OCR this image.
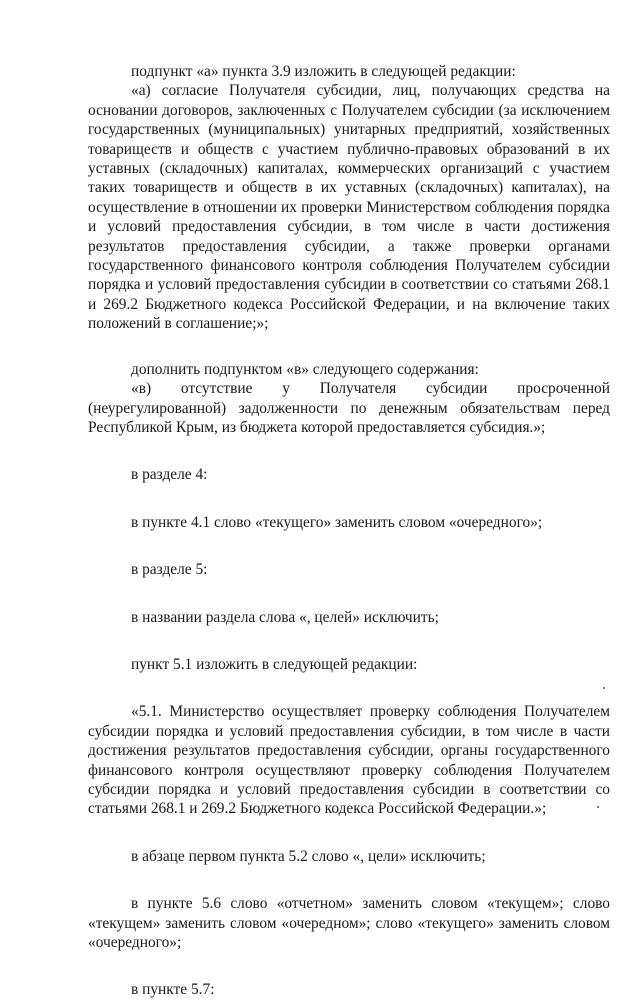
подпункт «а» пункта 3.9 изложить в следующей редакции:

«а) согласие Получателя субсидии, лиц, получающих средства на основании договоров, заключенных с Получателем субсидии (за исключением государственных (муниципальных) унитарных предприятий, хозяйственных товариществ и обществ с участием публично-правовых образований в их уставных (складочных) капиталах, коммерческих организаций с участием таких товариществ и обществ в их уставных (складочных) капиталах), на осуществление в отношении их проверки Министерством соблюдения порядка и условий предоставления субсидии, в том числе в части достижения результатов предоставления субсидии, а также проверки органами государственного финансового контроля соблюдения Получателем субсидии порядка и условий предоставления субсидии в соответствии со статьями 268.1 и 269.2 Бюджетного кодекса Российской Федерации, и на включение таких положений в соглашение;»;

дополнить подпунктом «в» следующего содержания:

«в) отсутствие у Получателя субсидии просроченной (неурегулированной) задолженности по денежным обязательствам перед Республикой Крым, из бюджета которой предоставляется субсидия.»;

в разделе 4:

в пункте 4.1 слово «текущего» заменить словом «очередного»;

в разделе 5:

в названии раздела слова «, целей» исключить;

пункт 5.1 изложить в следующей редакции:

«5.1. Министерство осуществляет проверку соблюдения Получателем субсидии порядка и условий предоставления субсидии, в том числе в части достижения результатов предоставления субсидии, органы государственного финансового контроля осуществляют проверку соблюдения Получателем субсидии порядка и условий предоставления субсидии в соответствии со статьями 268.1 и 269.2 Бюджетного кодекса Российской Федерации.»;

в абзаце первом пункта 5.2 слово «, цели» исключить;

в пункте 5.6 слово «отчетном» заменить словом «текущем»; слово «текущем» заменить словом «очередном»; слово «текущего» заменить словом «очередного»;

в пункте 5.7:
